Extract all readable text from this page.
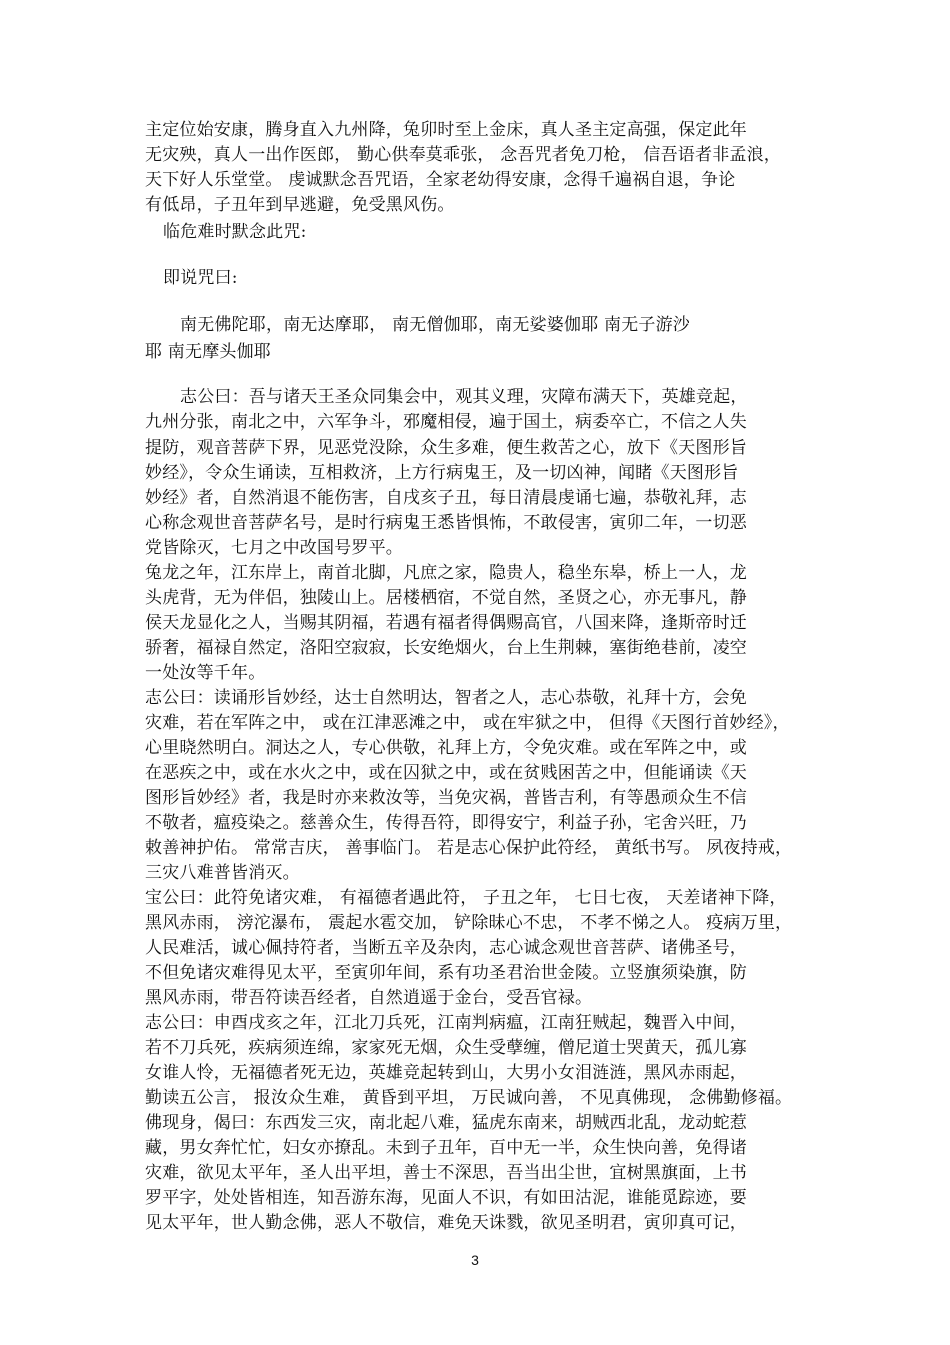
主定位始安康，腾身直入九州降，兔卯时至上金床，真人圣主定高强，保定此年
无灾殃，真人一出作医郎， 勤心供奉莫乖张， 念吾咒者免刀枪， 信吾语者非孟浪，
天下好人乐堂堂。 虔诚默念吾咒语，全家老幼得安康，念得千遍祸自退，争论
有低昂，子丑年到早逃避，免受黑风伤。
临危难时默念此咒:
即说咒曰:
南无佛陀耶，南无达摩耶， 南无僧伽耶，南无娑婆伽耶 南无子游沙
耶 南无摩头伽耶
志公曰：吾与诸天王圣众同集会中，观其义理，灾障布满天下，英雄竞起，
九州分张，南北之中，六军争斗，邪魔相侵，遍于国土，病委卒亡，不信之人失
提防，观音菩萨下界，见恶党没除，众生多难，便生救苦之心，放下《天图形旨
妙经》，令众生诵读，互相救济，上方行病鬼王，及一切凶神，闻睹《天图形旨
妙经》者，自然消退不能伤害，自戌亥子丑，每日清晨虔诵七遍，恭敬礼拜，志
心称念观世音菩萨名号，是时行病鬼王悉皆惧怖，不敢侵害，寅卯二年，一切恶
党皆除灭，七月之中改国号罗平。
兔龙之年，江东岸上，南首北脚，凡庶之家，隐贵人，稳坐东皋，桥上一人，龙
头虎背，无为伴侣，独陵山上。居楼栖宿，不觉自然，圣贤之心，亦无事凡，静
侯天龙显化之人，当赐其阴福，若遇有福者得偶赐高官，八国来降，逢斯帝时迁
骄奢，福禄自然定，洛阳空寂寂，长安绝烟火，台上生荆棘，塞街绝巷前，凌空
一处汝等千年。
志公曰：读诵形旨妙经，达士自然明达，智者之人，志心恭敬，礼拜十方，会免
灾难，若在军阵之中， 或在江津恶滩之中， 或在牢狱之中， 但得《天图行首妙经》，
心里晓然明白。洞达之人，专心供敬，礼拜上方，令免灾难。或在军阵之中，或
在恶疾之中，或在水火之中，或在囚狱之中，或在贫贱困苦之中，但能诵读《天
图形旨妙经》者，我是时亦来救汝等，当免灾祸，普皆吉利，有等愚顽众生不信
不敬者，瘟疫染之。慈善众生，传得吾符，即得安宁，利益子孙，宅舍兴旺，乃
敕善神护佑。 常常吉庆， 善事临门。 若是志心保护此符经， 黄纸书写。 夙夜持戒，
三灾八难普皆消灭。
宝公曰：此符免诸灾难， 有福德者遇此符， 子丑之年， 七日七夜， 天差诸神下降，
黑风赤雨， 滂沱瀑布， 震起水雹交加， 铲除昧心不忠， 不孝不悌之人。 疫病万里，
人民难活，诚心佩持符者，当断五辛及杂肉，志心诚念观世音菩萨、诸佛圣号，
不但免诸灾难得见太平，至寅卯年间，系有功圣君治世金陵。立竖旗须染旗，防
黑风赤雨，带吾符读吾经者，自然逍遥于金台，受吾官禄。
志公曰：申酉戌亥之年，江北刀兵死，江南判病瘟，江南狂贼起，魏晋入中间，
若不刀兵死，疾病须连绵，家家死无烟，众生受孽缠，僧尼道士哭黄天，孤儿寡
女谁人怜，无福德者死无边，英雄竞起转到山，大男小女泪涟涟，黑风赤雨起，
勤读五公言， 报汝众生难， 黄昏到平坦， 万民诚向善， 不见真佛现， 念佛勤修福。
佛现身，偈曰：东西发三灾，南北起八难，猛虎东南来，胡贼西北乱，龙动蛇惹
藏，男女奔忙忙，妇女亦撩乱。未到子丑年，百中无一半，众生快向善，免得诸
灾难，欲见太平年，圣人出平坦，善士不深思，吾当出尘世，宜树黑旗面，上书
罗平字，处处皆相连，知吾游东海，见面人不识，有如田沽泥，谁能觅踪迹，要
见太平年，世人勤念佛，恶人不敬信，难免天诛戮，欲见圣明君，寅卯真可记，
3
